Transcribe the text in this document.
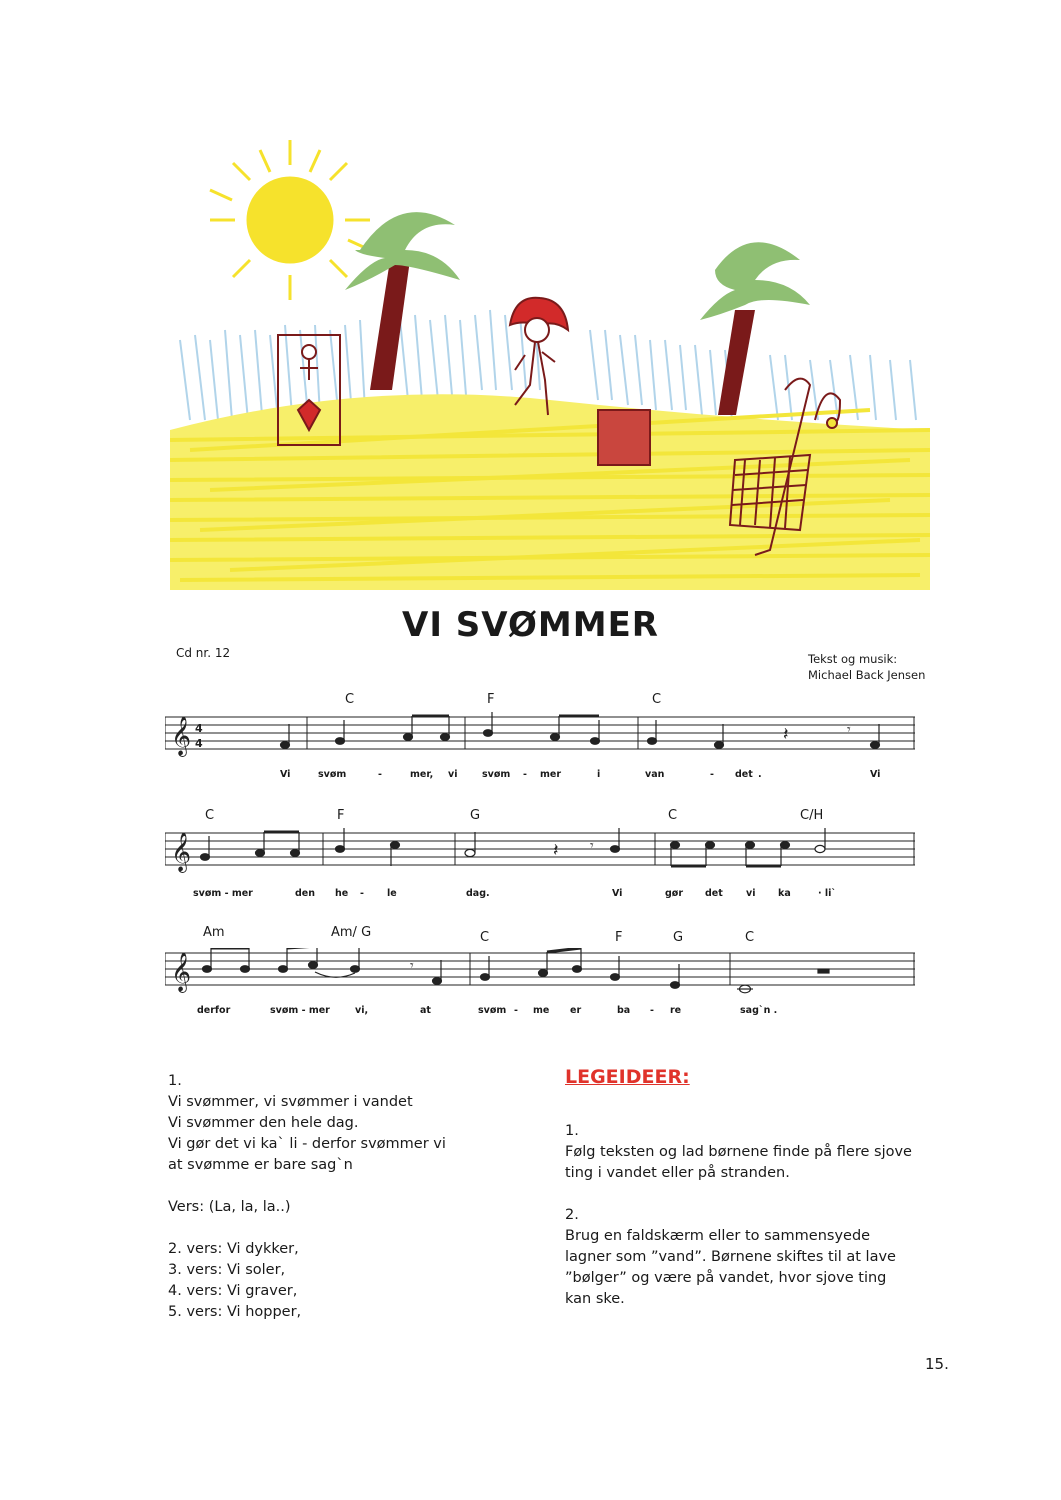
VI SVØMMER
Cd nr. 12	Tekst og musik:
Michael Back Jensen
C	F	C
𝄞 4
4	𝄽	𝄾
Vi	svøm	-	mer, vi	svøm - mer	i	van	- det .	Vi
C	F	G	C	C/H
𝄞	𝄽 𝄾
svøm - mer	den he - le	dag.	Vi	gør det vi ka	· li`
Am	Am/ G	C	F	G	C
𝄞	𝄾
derfor	svøm - mer	vi,	at	svøm - me er	ba - re	sag`n .
1.
Vi svømmer, vi svømmer i vandet
Vi svømmer den hele dag.
Vi gør det vi ka` li - derfor svømmer vi
at svømme er bare sag`n
Vers: (La, la, la..)
2. vers: Vi dykker,
3. vers: Vi soler,
4. vers: Vi graver,
5. vers: Vi hopper,
LEGEIDEER:
1.
Følg teksten og lad børnene finde på flere sjove ting i vandet eller på stranden.
2.
Brug en faldskærm eller to sammensyede lagner som ”vand”. Børnene skiftes til at lave ”bølger” og være på vandet, hvor sjove ting kan ske.
15.
